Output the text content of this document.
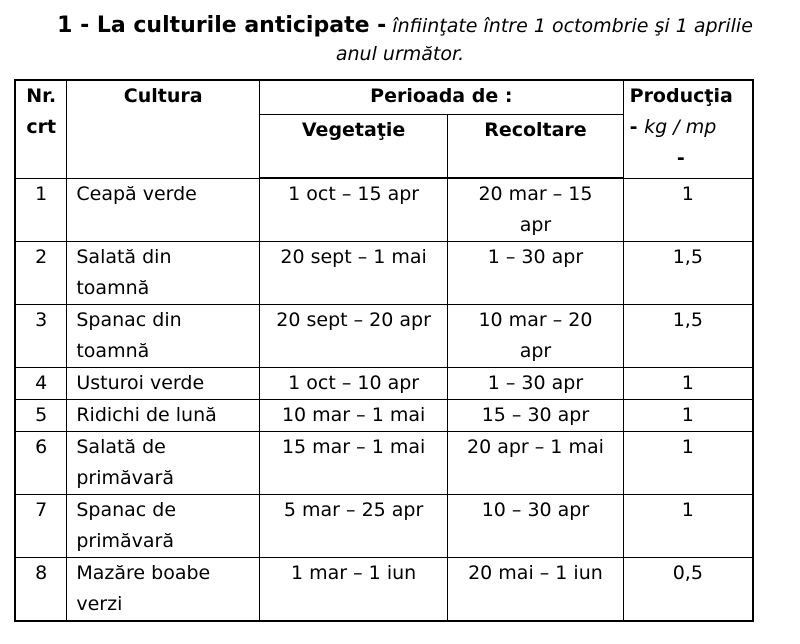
1 - La culturile anticipate - înfiinţate între 1 octombrie şi 1 aprilie
anul următor.
Nr. crt	Cultura	Perioada de :		Producţia
- kg / mp
-

		Vegetaţie	Recoltare	
1	Ceapă verde	1 oct – 15 apr	20 mar – 15 apr	1
2	Salată din toamnă	20 sept – 1 mai	1 – 30 apr	1,5
3	Spanac din toamnă	20 sept – 20 apr	10 mar – 20 apr	1,5
4	Usturoi verde	1 oct – 10 apr	1 – 30 apr	1
5	Ridichi de lună	10 mar – 1 mai	15 – 30 apr	1
6	Salată de primăvară	15 mar – 1 mai	20 apr – 1 mai	1
7	Spanac de primăvară	5 mar – 25 apr	10 – 30 apr	1
8	Mazăre boabe verzi	1 mar – 1 iun	20 mai – 1 iun	0,5
